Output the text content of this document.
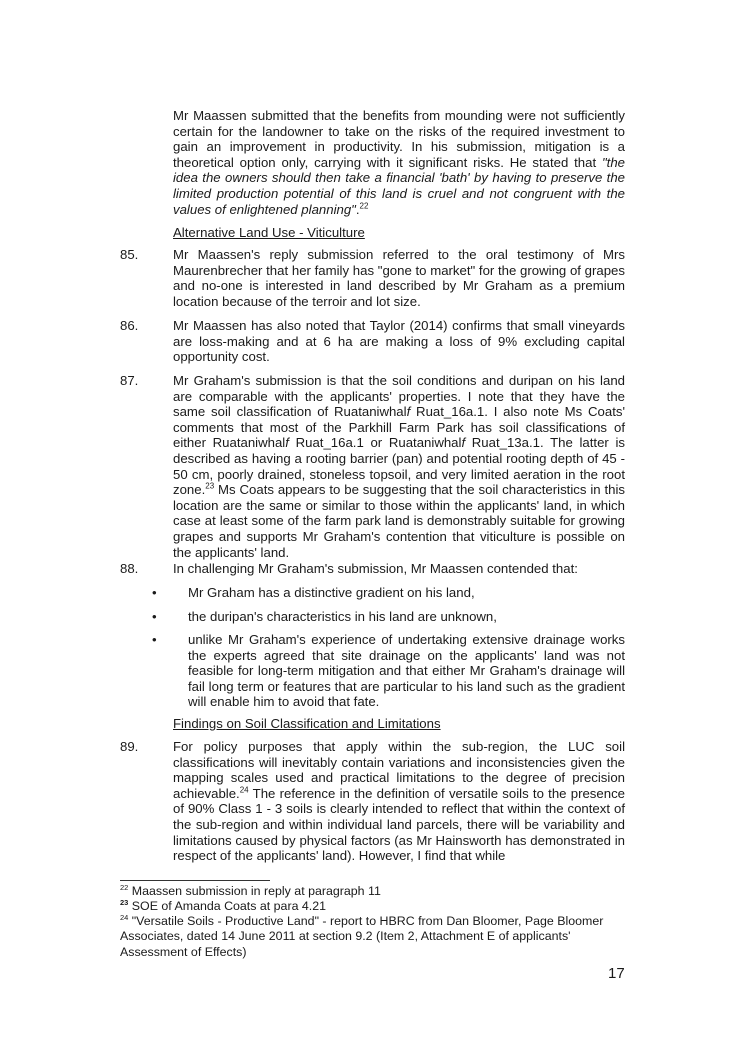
Mr Maassen submitted that the benefits from mounding were not sufficiently certain for the landowner to take on the risks of the required investment to gain an improvement in productivity. In his submission, mitigation is a theoretical option only, carrying with it significant risks. He stated that "the idea the owners should then take a financial 'bath' by having to preserve the limited production potential of this land is cruel and not congruent with the values of enlightened planning".$^{22}$
Alternative Land Use - Viticulture
85.	Mr Maassen's reply submission referred to the oral testimony of Mrs Maurenbrecher that her family has "gone to market" for the growing of grapes and no-one is interested in land described by Mr Graham as a premium location because of the terroir and lot size.
86.	Mr Maassen has also noted that Taylor (2014) confirms that small vineyards are loss-making and at 6 ha are making a loss of 9% excluding capital opportunity cost.
87.	Mr Graham's submission is that the soil conditions and duripan on his land are comparable with the applicants' properties. I note that they have the same soil classification of Ruataniwhalf Ruat_16a.1. I also note Ms Coats' comments that most of the Parkhill Farm Park has soil classifications of either Ruataniwhalf Ruat_16a.1 or Ruataniwhalf Ruat_13a.1. The latter is described as having a rooting barrier (pan) and potential rooting depth of 45 - 50 cm, poorly drained, stoneless topsoil, and very limited aeration in the root zone.$^{23}$ Ms Coats appears to be suggesting that the soil characteristics in this location are the same or similar to those within the applicants' land, in which case at least some of the farm park land is demonstrably suitable for growing grapes and supports Mr Graham's contention that viticulture is possible on the applicants' land.
88.	In challenging Mr Graham's submission, Mr Maassen contended that:
• Mr Graham has a distinctive gradient on his land,
• the duripan's characteristics in his land are unknown,
• unlike Mr Graham's experience of undertaking extensive drainage works the experts agreed that site drainage on the applicants' land was not feasible for long-term mitigation and that either Mr Graham's drainage will fail long term or features that are particular to his land such as the gradient will enable him to avoid that fate.
Findings on Soil Classification and Limitations
89.	For policy purposes that apply within the sub-region, the LUC soil classifications will inevitably contain variations and inconsistencies given the mapping scales used and practical limitations to the degree of precision achievable.$^{24}$ The reference in the definition of versatile soils to the presence of 90% Class 1 - 3 soils is clearly intended to reflect that within the context of the sub-region and within individual land parcels, there will be variability and limitations caused by physical factors (as Mr Hainsworth has demonstrated in respect of the applicants' land). However, I find that while
$^{22}$ Maassen submission in reply at paragraph 11
$^{23}$ SOE of Amanda Coats at para 4.21
$^{24}$ "Versatile Soils - Productive Land" - report to HBRC from Dan Bloomer, Page Bloomer Associates, dated 14 June 2011 at section 9.2 (Item 2, Attachment E of applicants' Assessment of Effects)
17
